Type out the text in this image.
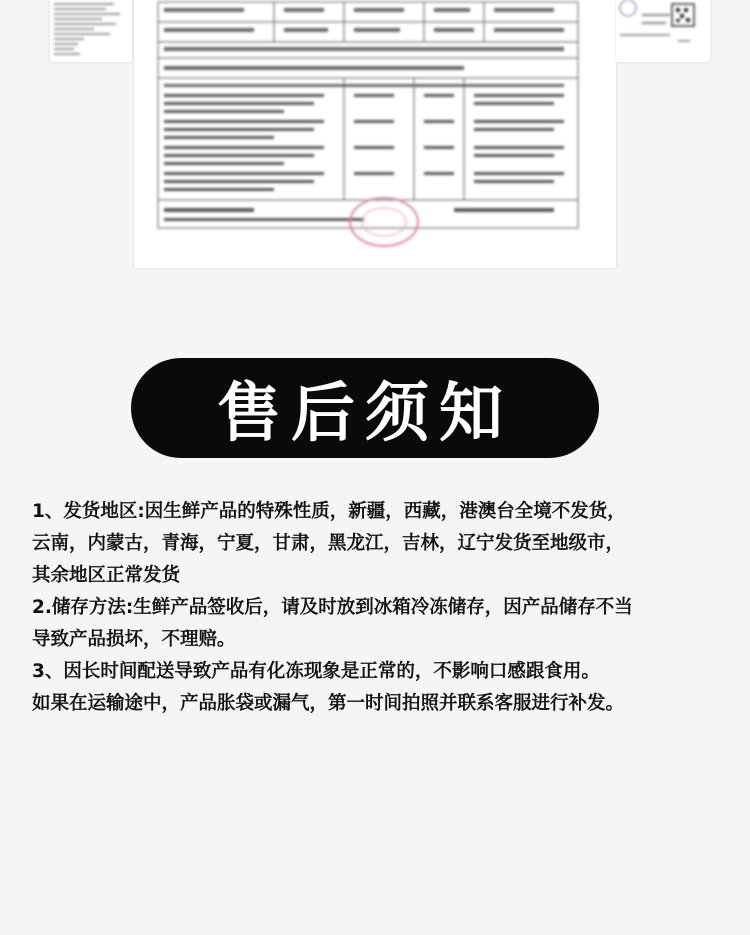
售后须知
1、发货地区:因生鲜产品的特殊性质，新疆，西藏，港澳台全境不发货，
云南，内蒙古，青海，宁夏，甘肃，黑龙江，吉林，辽宁发货至地级市，
其余地区正常发货
2.储存方法:生鲜产品签收后，请及时放到冰箱冷冻储存，因产品储存不当
导致产品损坏，不理赔。
3、因长时间配送导致产品有化冻现象是正常的，不影响口感跟食用。
如果在运输途中，产品胀袋或漏气，第一时间拍照并联系客服进行补发。
